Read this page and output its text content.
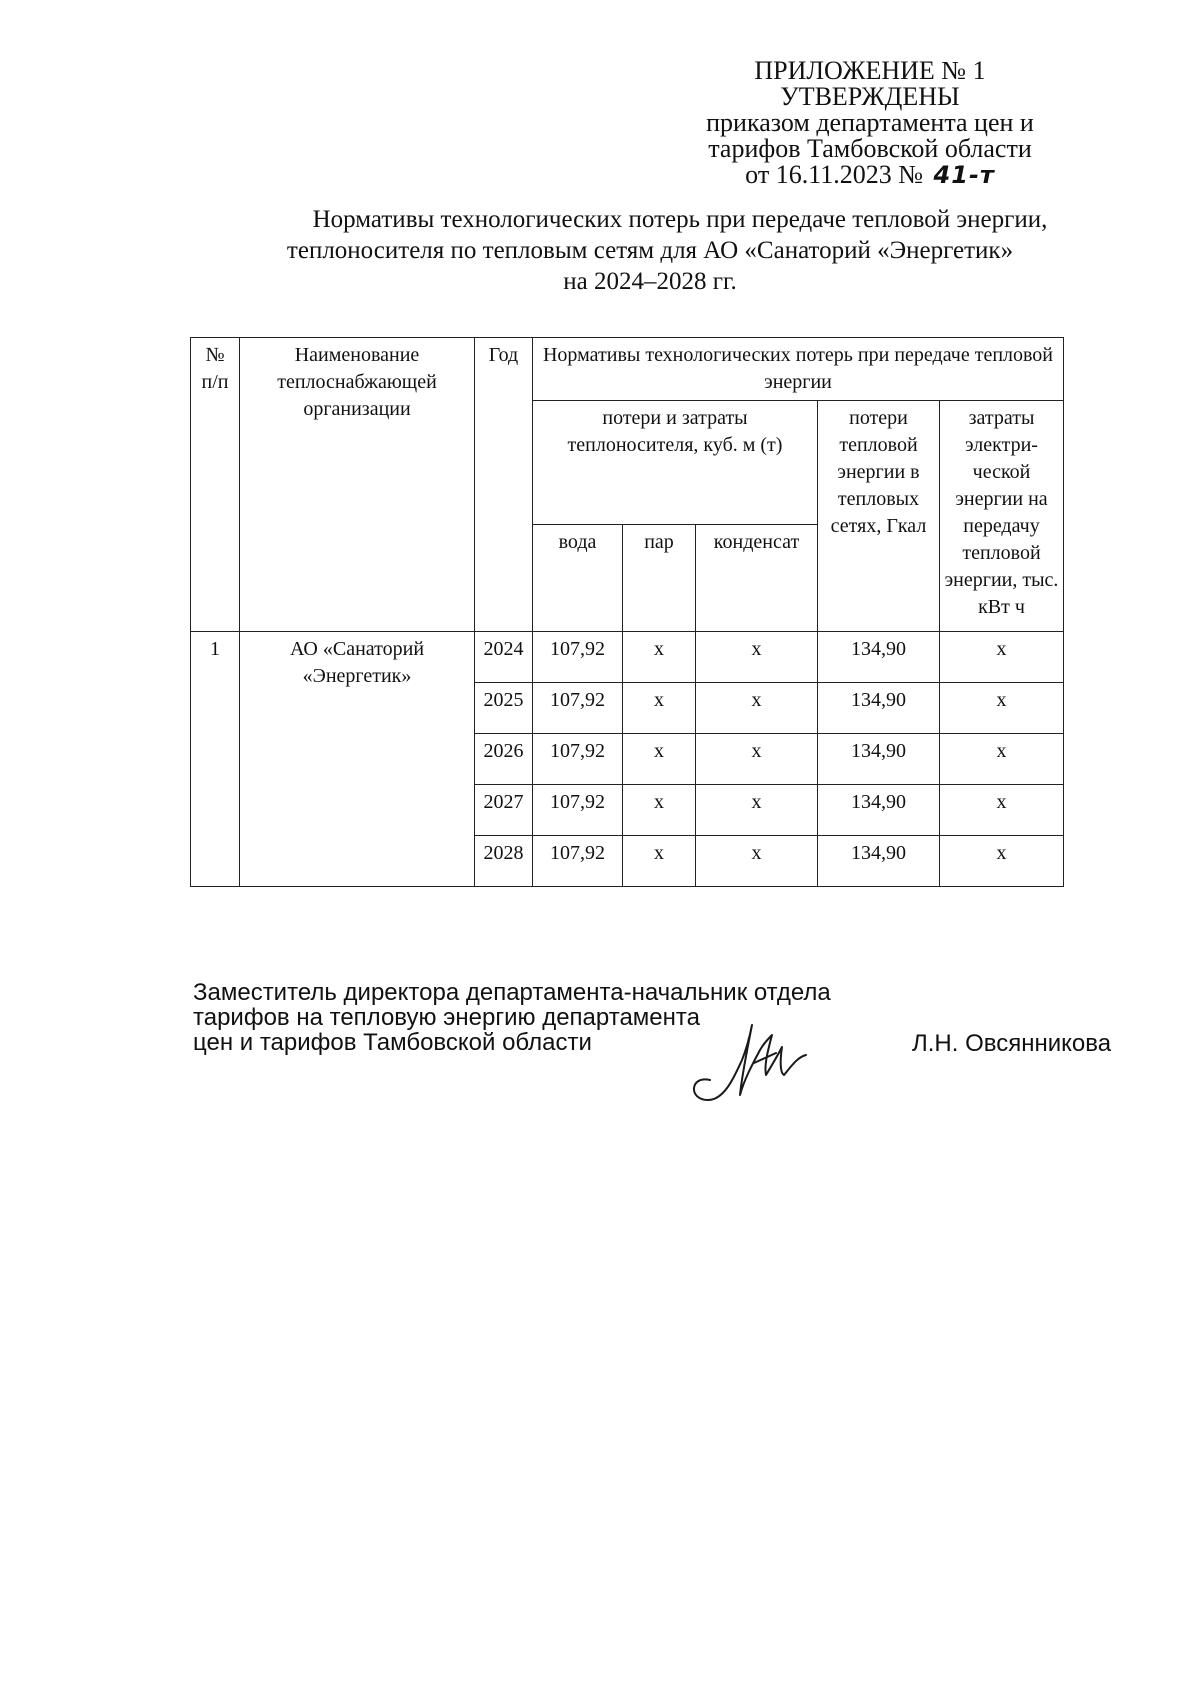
ПРИЛОЖЕНИЕ № 1
УТВЕРЖДЕНЫ
приказом департамента цен и
тарифов Тамбовской области
от 16.11.2023 № 41-т
Нормативы технологических потерь при передаче тепловой энергии,
теплоносителя по тепловым сетям для АО «Санаторий «Энергетик»
на 2024–2028 гг.
№ п/п	Наименование теплоснабжающей организации	Год	Нормативы технологических потерь при передаче тепловой энергии				
			потери и затраты теплоносителя, куб. м (т)			потери тепловой энергии в тепловых сетях, Гкал	затраты электри-ческой энергии на передачу тепловой энергии, тыс. кВт ч
			вода	пар	конденсат		
1	АО «Санаторий «Энергетик»	2024	107,92	х	х	134,90	х
		2025	107,92	х	х	134,90	х
		2026	107,92	х	х	134,90	х
		2027	107,92	х	х	134,90	х
		2028	107,92	х	х	134,90	х
Заместитель директора департамента-начальник отдела
тарифов на тепловую энергию департамента
цен и тарифов Тамбовской области	Л.Н. Овсянникова
